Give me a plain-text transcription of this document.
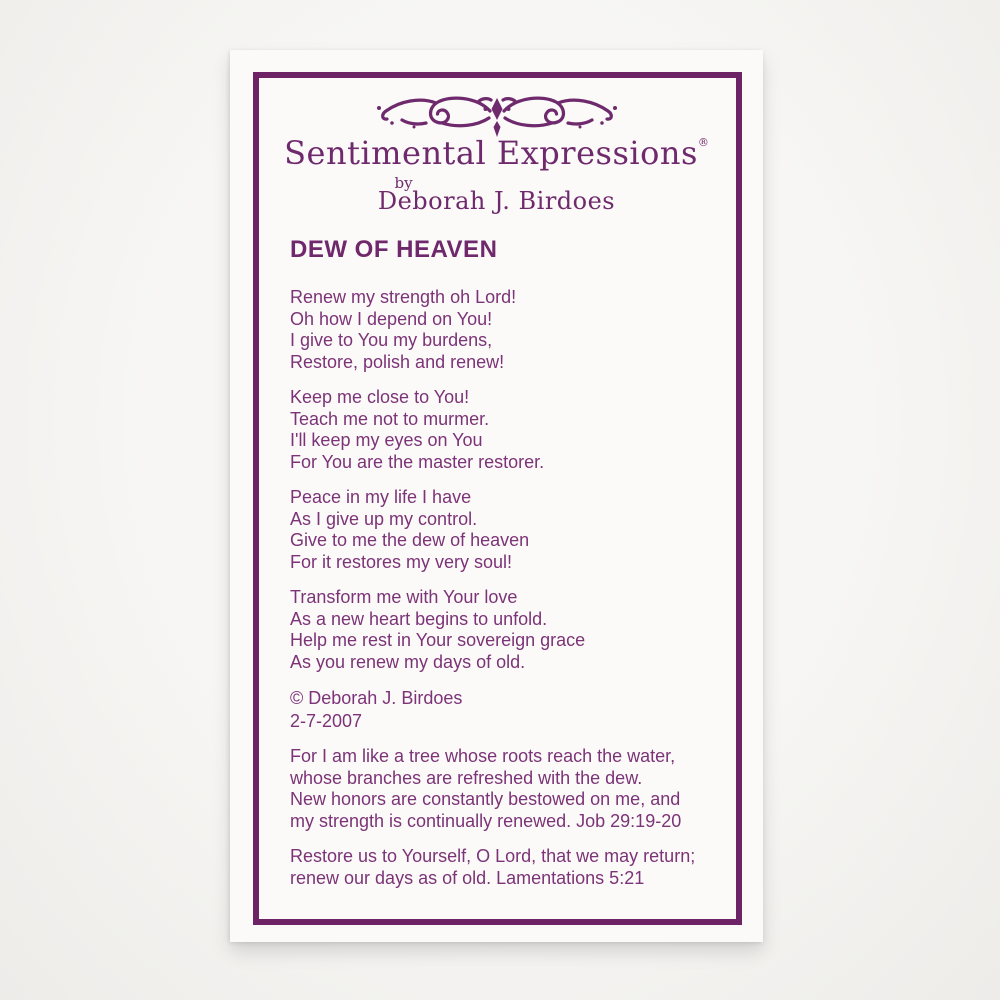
Sentimental Expressions®
by
Deborah J. Birdoes
DEW OF HEAVEN
Renew my strength oh Lord!
Oh how I depend on You!
I give to You my burdens,
Restore, polish and renew!
Keep me close to You!
Teach me not to murmer.
I'll keep my eyes on You
For You are the master restorer.
Peace in my life I have
As I give up my control.
Give to me the dew of heaven
For it restores my very soul!
Transform me with Your love
As a new heart begins to unfold.
Help me rest in Your sovereign grace
As you renew my days of old.
© Deborah J. Birdoes
2-7-2007
For I am like a tree whose roots reach the water,
whose branches are refreshed with the dew.
New honors are constantly bestowed on me, and
my strength is continually renewed. Job 29:19-20
Restore us to Yourself, O Lord, that we may return;
renew our days as of old. Lamentations 5:21
